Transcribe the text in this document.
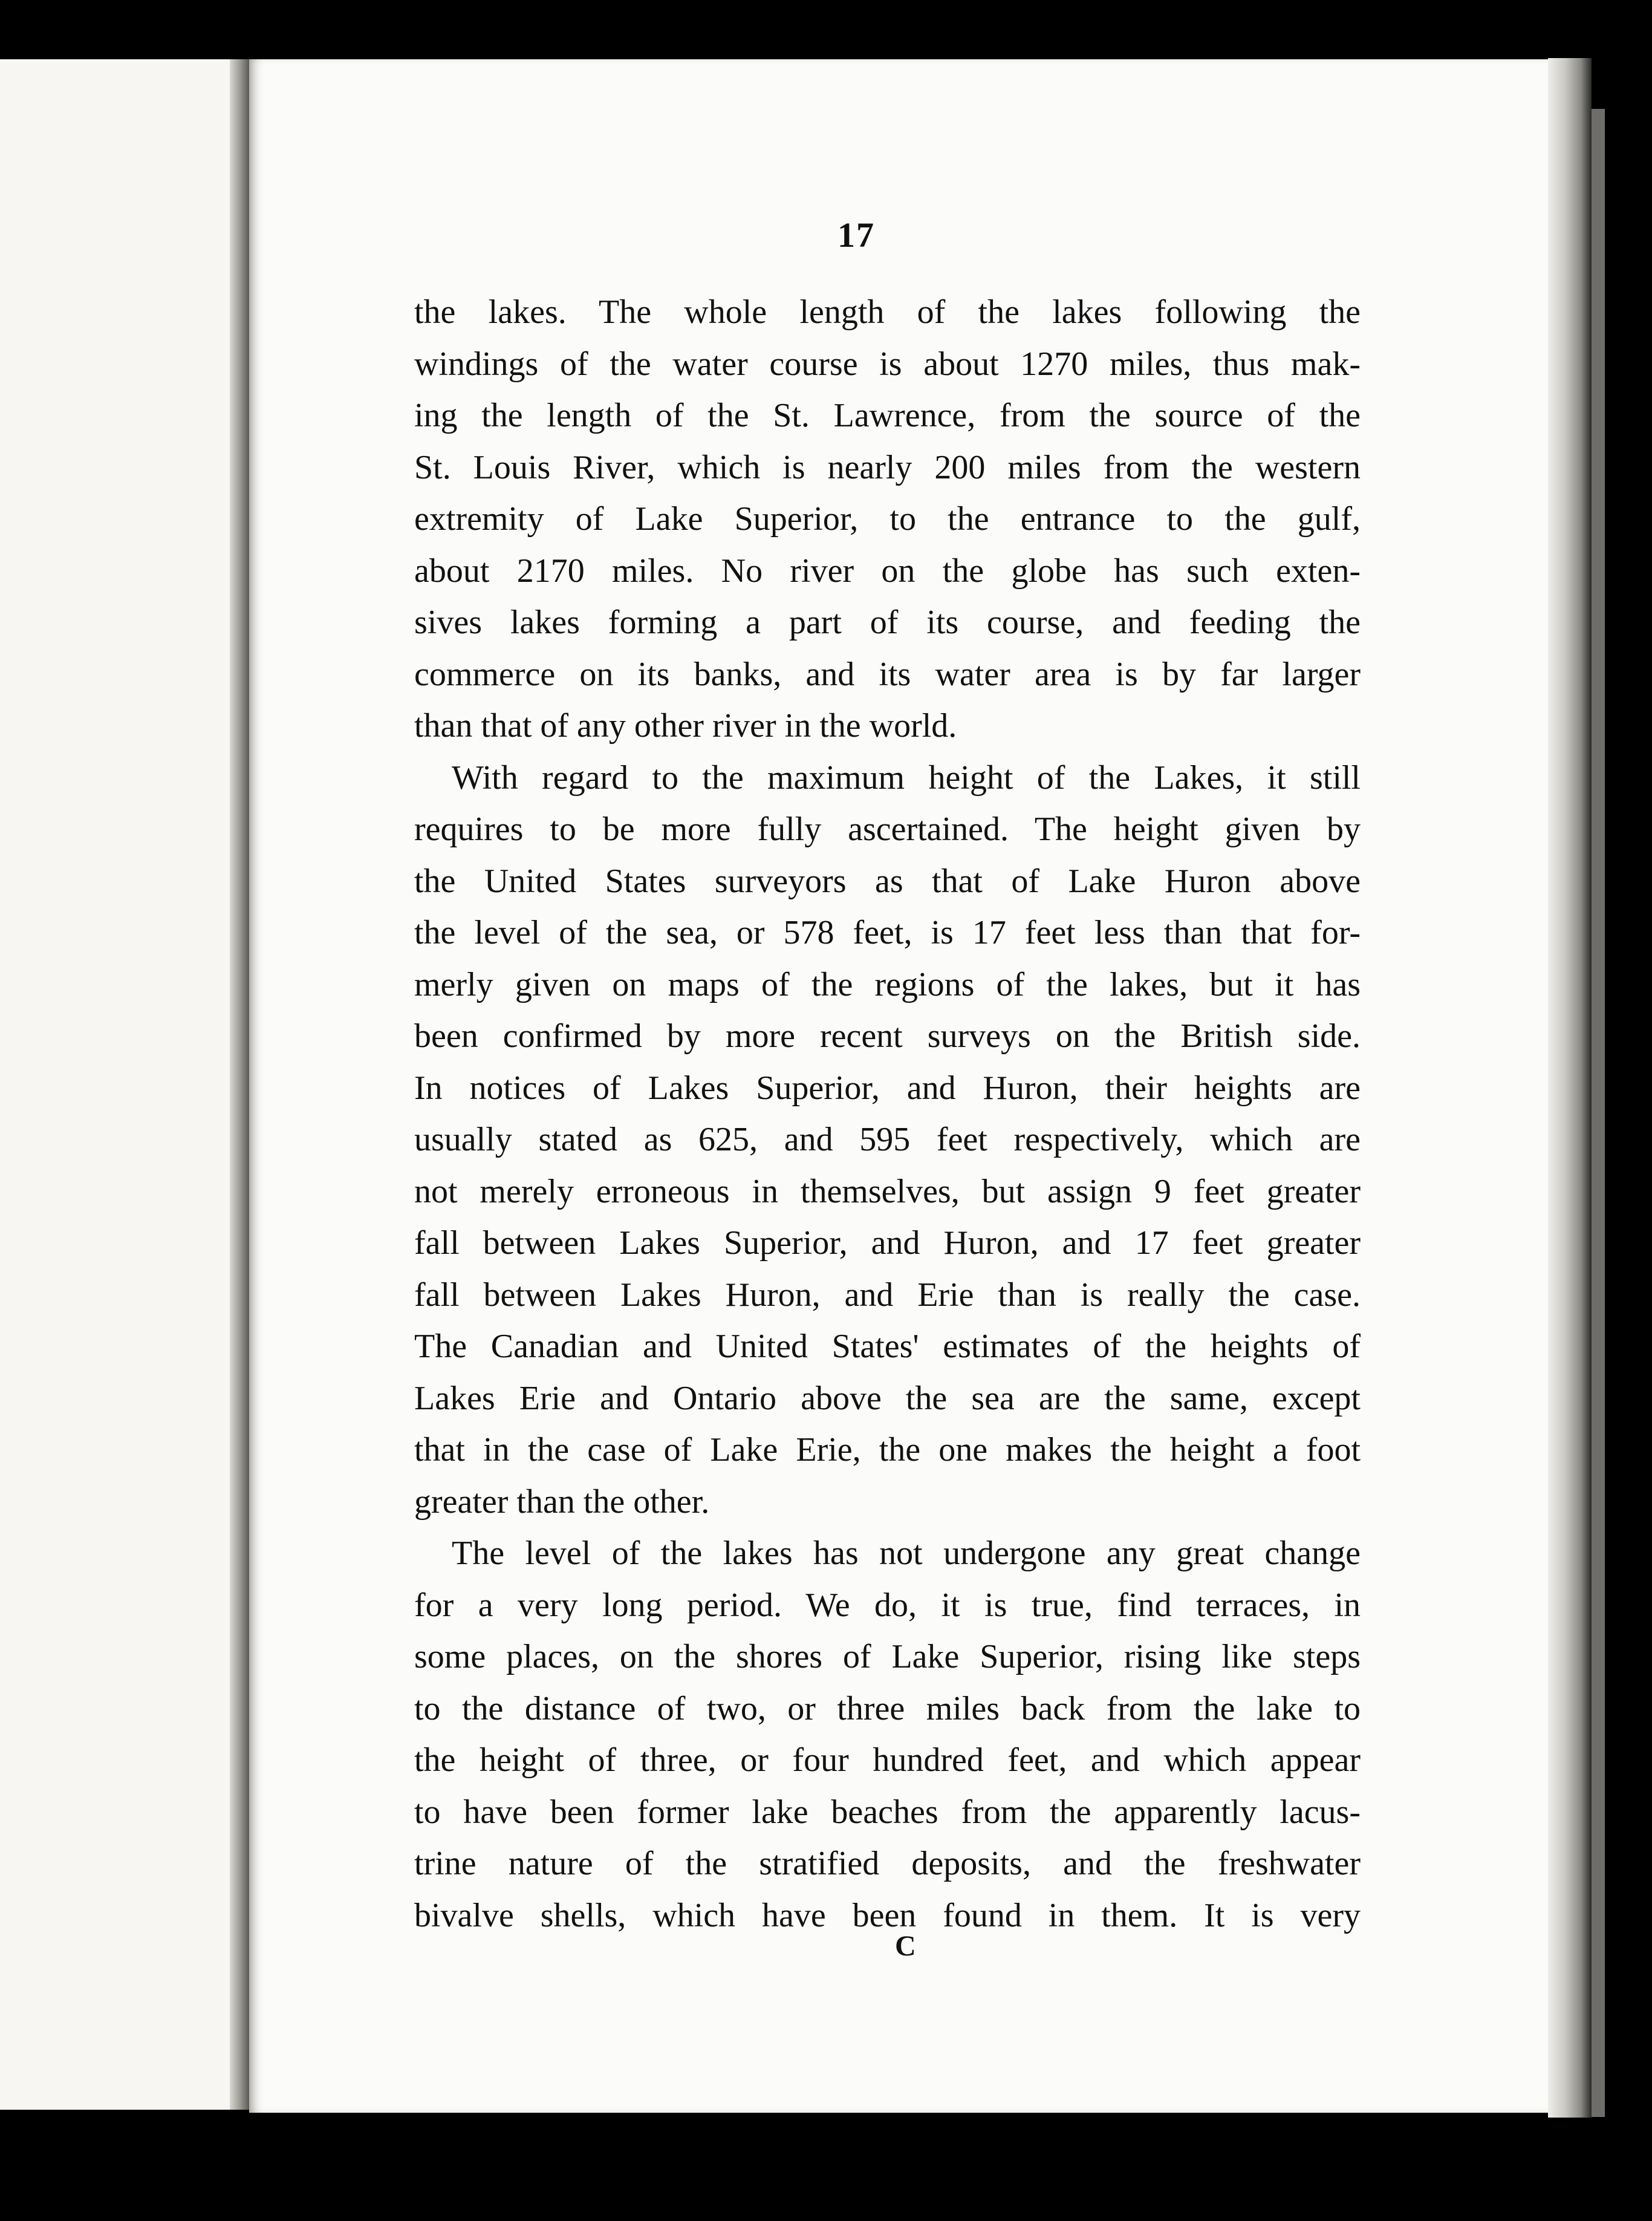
17
the lakes. The whole length of the lakes following the
windings of the water course is about 1270 miles, thus mak-
ing the length of the St. Lawrence, from the source of the
St. Louis River, which is nearly 200 miles from the western
extremity of Lake Superior, to the entrance to the gulf,
about 2170 miles. No river on the globe has such exten-
sives lakes forming a part of its course, and feeding the
commerce on its banks, and its water area is by far larger
than that of any other river in the world.
With regard to the maximum height of the Lakes, it still
requires to be more fully ascertained. The height given by
the United States surveyors as that of Lake Huron above
the level of the sea, or 578 feet, is 17 feet less than that for-
merly given on maps of the regions of the lakes, but it has
been confirmed by more recent surveys on the British side.
In notices of Lakes Superior, and Huron, their heights are
usually stated as 625, and 595 feet respectively, which are
not merely erroneous in themselves, but assign 9 feet greater
fall between Lakes Superior, and Huron, and 17 feet greater
fall between Lakes Huron, and Erie than is really the case.
The Canadian and United States' estimates of the heights of
Lakes Erie and Ontario above the sea are the same, except
that in the case of Lake Erie, the one makes the height a foot
greater than the other.
The level of the lakes has not undergone any great change
for a very long period. We do, it is true, find terraces, in
some places, on the shores of Lake Superior, rising like steps
to the distance of two, or three miles back from the lake to
the height of three, or four hundred feet, and which appear
to have been former lake beaches from the apparently lacus-
trine nature of the stratified deposits, and the freshwater
bivalve shells, which have been found in them. It is very
C
